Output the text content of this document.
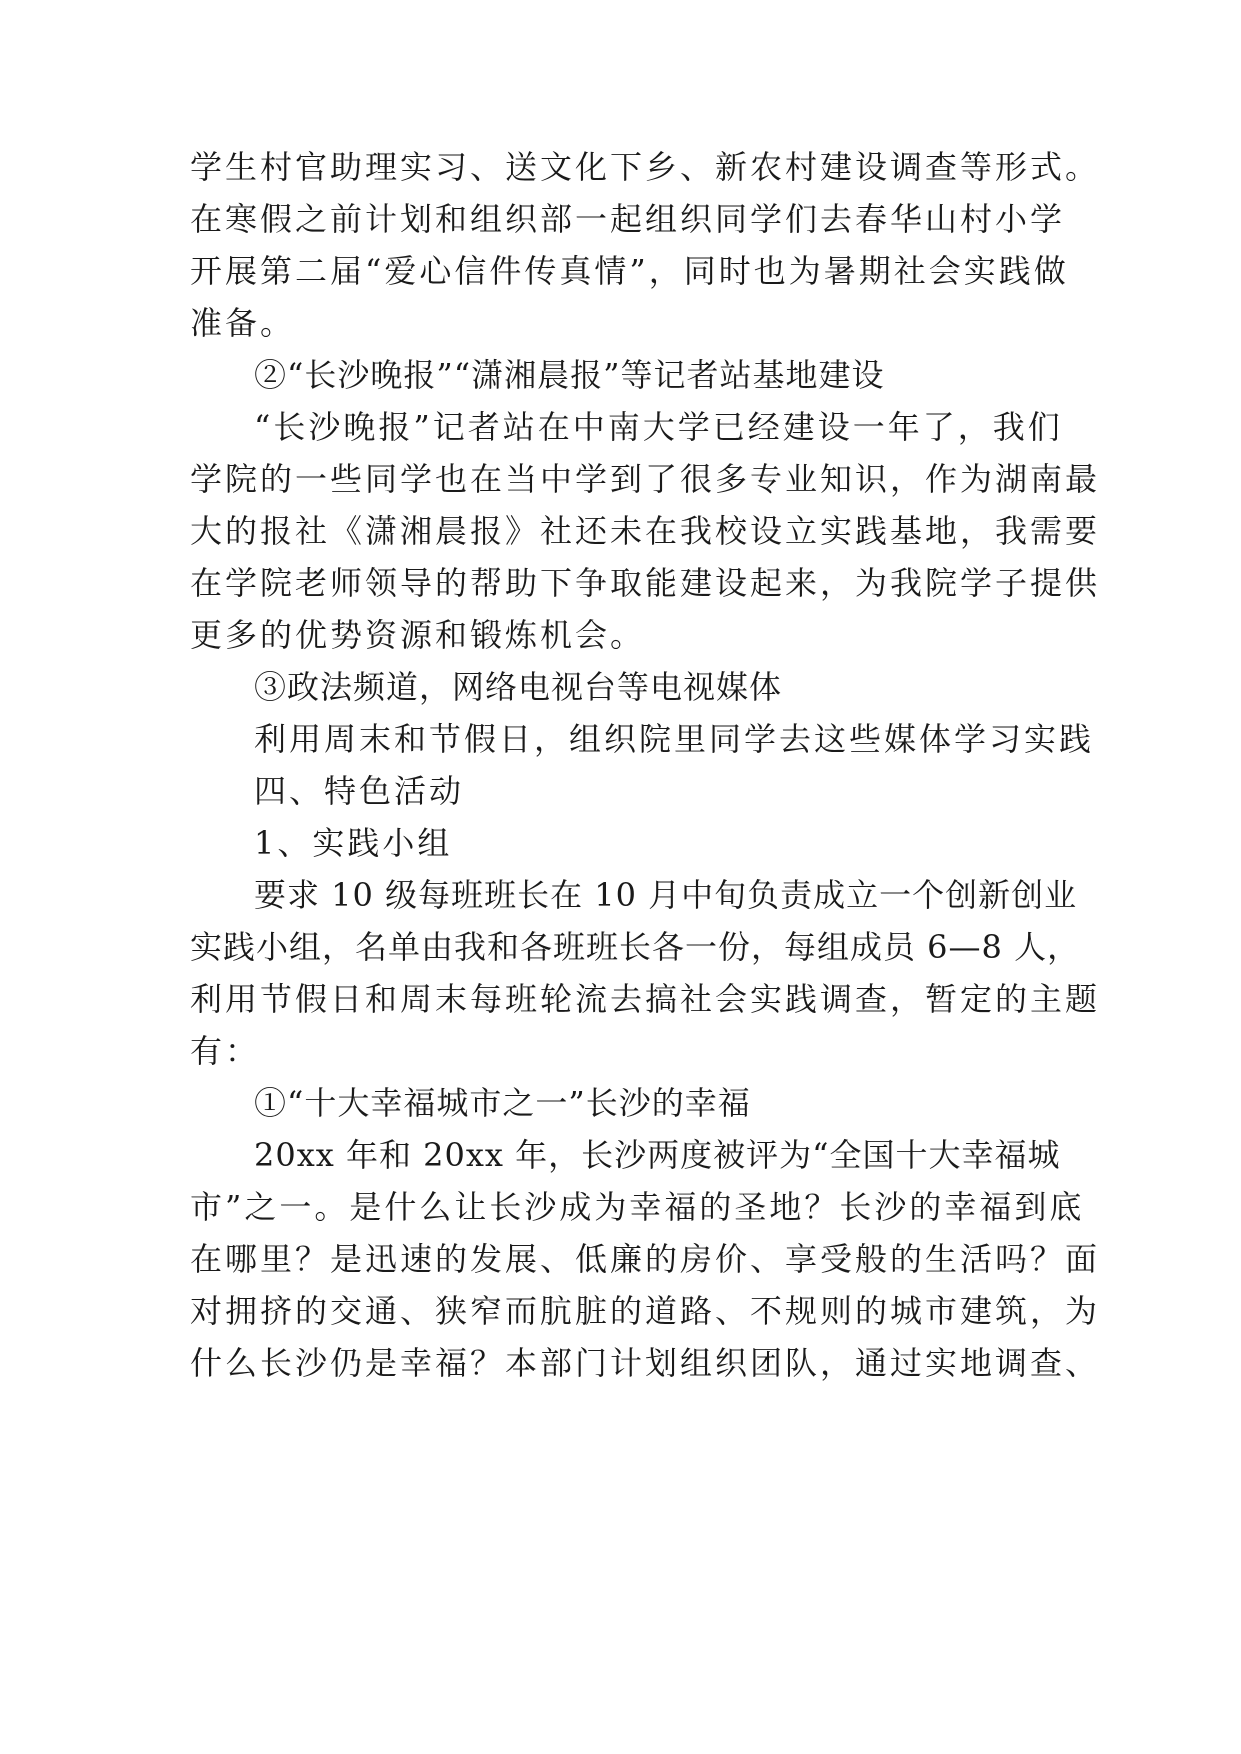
学生村官助理实习、送文化下乡、新农村建设调查等形式。
在寒假之前计划和组织部一起组织同学们去春华山村小学
开展第二届“爱心信件传真情”，同时也为暑期社会实践做
准备。
②“长沙晚报”“潇湘晨报”等记者站基地建设
“长沙晚报”记者站在中南大学已经建设一年了，我们
学院的一些同学也在当中学到了很多专业知识，作为湖南最
大的报社《潇湘晨报》社还未在我校设立实践基地，我需要
在学院老师领导的帮助下争取能建设起来，为我院学子提供
更多的优势资源和锻炼机会。
③政法频道，网络电视台等电视媒体
利用周末和节假日，组织院里同学去这些媒体学习实践
四、特色活动
1、实践小组
要求 10 级每班班长在 10 月中旬负责成立一个创新创业
实践小组，名单由我和各班班长各一份，每组成员 6—8 人，
利用节假日和周末每班轮流去搞社会实践调查，暂定的主题
有：
①“十大幸福城市之一”长沙的幸福
20xx 年和 20xx 年，长沙两度被评为“全国十大幸福城
市”之一。是什么让长沙成为幸福的圣地？长沙的幸福到底
在哪里？是迅速的发展、低廉的房价、享受般的生活吗？面
对拥挤的交通、狭窄而肮脏的道路、不规则的城市建筑，为
什么长沙仍是幸福？本部门计划组织团队，通过实地调查、
